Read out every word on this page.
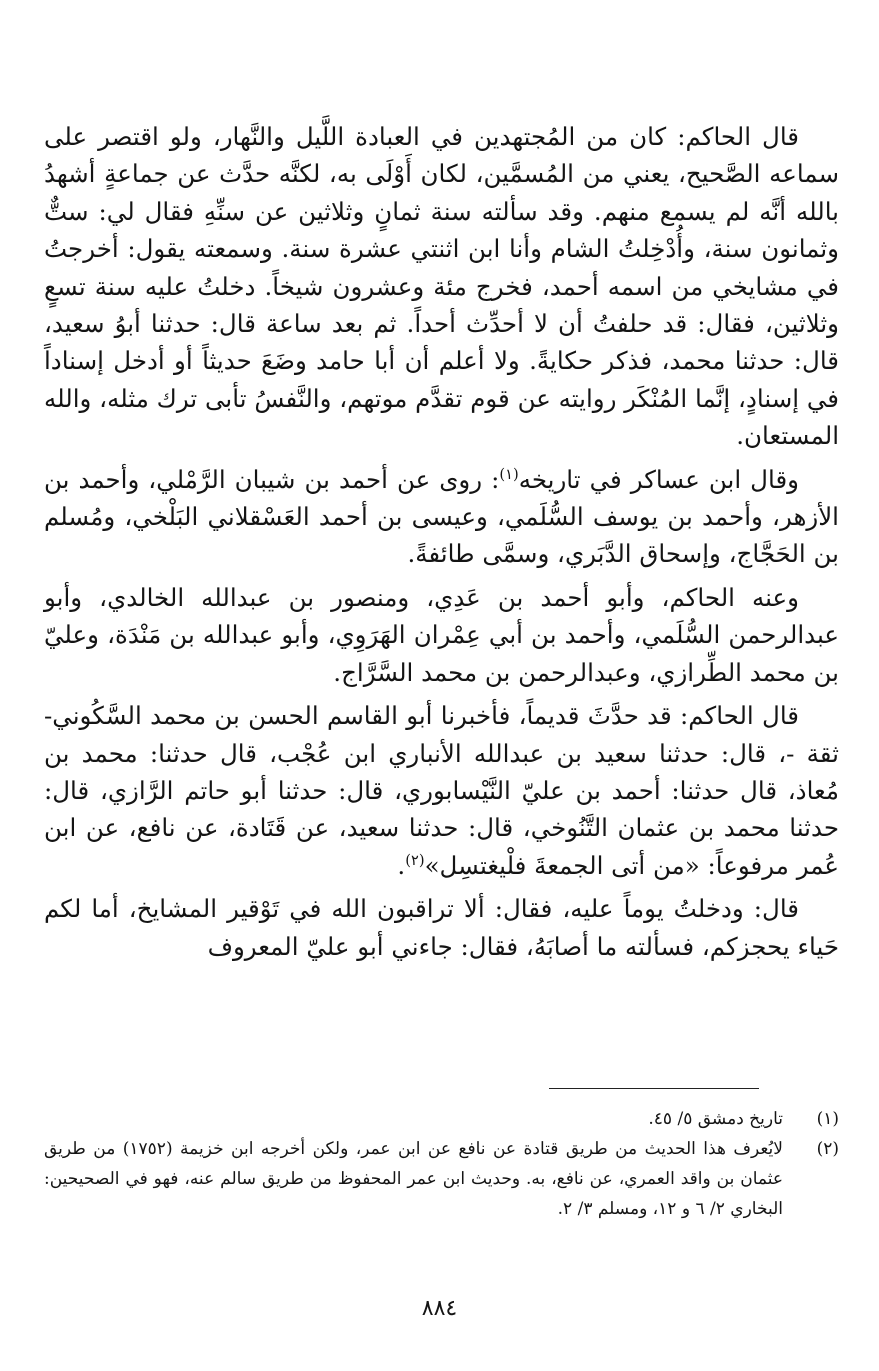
قال الحاكم: كان من المُجتهدين في العبادة اللَّيل والنَّهار، ولو اقتصر على سماعه الصَّحيح، يعني من المُسمَّين، لكان أَوْلَى به، لكنَّه حدَّث عن جماعةٍ أشهدُ بالله أنَّه لم يسمع منهم. وقد سألته سنة ثمانٍ وثلاثين عن سنِّهِ فقال لي: ستٌّ وثمانون سنة، وأُدْخِلتُ الشام وأنا ابن اثنتي عشرة سنة. وسمعته يقول: أخرجتُ في مشايخي من اسمه أحمد، فخرج مئة وعشرون شيخاً. دخلتُ عليه سنة تسعٍ وثلاثين، فقال: قد حلفتُ أن لا أحدِّث أحداً. ثم بعد ساعة قال: حدثنا أبوُ سعيد، قال: حدثنا محمد، فذكر حكايةً. ولا أعلم أن أبا حامد وضَعَ حديثاً أو أدخل إسناداً في إسنادٍ، إنَّما المُنْكَر روايته عن قوم تقدَّم موتهم، والنَّفسُ تأبى ترك مثله، والله المستعان.

وقال ابن عساكر في تاريخه$^{(١)}$: روى عن أحمد بن شيبان الرَّمْلي، وأحمد بن الأزهر، وأحمد بن يوسف السُّلَمي، وعيسى بن أحمد العَسْقلاني البَلْخي، ومُسلم بن الحَجَّاج، وإسحاق الدَّبَري، وسمَّى طائفةً.

وعنه الحاكم، وأبو أحمد بن عَدِي، ومنصور بن عبدالله الخالدي، وأبو عبدالرحمن السُّلَمي، وأحمد بن أبي عِمْران الهَرَوِي، وأبو عبدالله بن مَنْدَة، وعليّ بن محمد الطِّرازي، وعبدالرحمن بن محمد السَّرَّاج.

قال الحاكم: قد حدَّثَ قديماً، فأخبرنا أبو القاسم الحسن بن محمد السَّكُوني- ثقة -، قال: حدثنا سعيد بن عبدالله الأنباري ابن عُجْب، قال حدثنا: محمد بن مُعاذ، قال حدثنا: أحمد بن عليّ النَّيْسابوري، قال: حدثنا أبو حاتم الرَّازي، قال: حدثنا محمد بن عثمان التَّنُوخي، قال: حدثنا سعيد، عن قَتَادة، عن نافع، عن ابن عُمر مرفوعاً: «من أتى الجمعةَ فلْيغتسِل»$^{(٢)}$.

قال: ودخلتُ يوماً عليه، فقال: ألا تراقبون الله في تَوْقير المشايخ، أما لكم حَياء يحجزكم، فسألته ما أصابَهُ، فقال: جاءني أبو عليّ المعروف

(١)
تاريخ دمشق ٥/ ٤٥.
(٢)
لايُعرف هذا الحديث من طريق قتادة عن نافع عن ابن عمر، ولكن أخرجه ابن خزيمة (١٧٥٢) من طريق عثمان بن واقد العمري، عن نافع، به. وحديث ابن عمر المحفوظ من طريق سالم عنه، فهو في الصحيحين: البخاري ٢/ ٦ و ١٢، ومسلم ٣/ ٢.
٨٨٤
